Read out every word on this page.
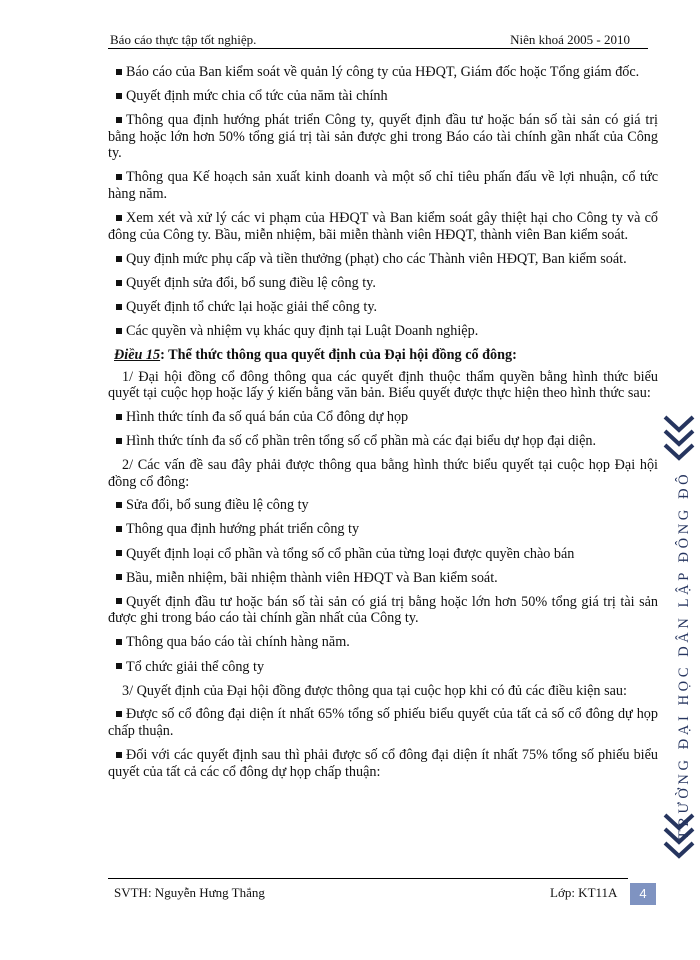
Báo cáo thực tập tốt nghiệp.	Niên khoá 2005 - 2010
Báo cáo của Ban kiểm soát về quản lý công ty của HĐQT, Giám đốc hoặc Tổng giám đốc.
Quyết định mức chia cổ tức của năm tài chính
Thông qua định hướng phát triển Công ty, quyết định đầu tư hoặc bán số tài sản có giá trị bằng hoặc lớn hơn 50% tổng giá trị tài sản được ghi trong Báo cáo tài chính gần nhất của Công ty.
Thông qua Kế hoạch sản xuất kinh doanh và một số chỉ tiêu phấn đấu về lợi nhuận, cổ tức hàng năm.
Xem xét và xử lý các vi phạm của HĐQT và Ban kiểm soát gây thiệt hại cho Công ty và cổ đông của Công ty. Bầu, miễn nhiệm, bãi miễn thành viên HĐQT, thành viên Ban kiểm soát.
Quy định mức phụ cấp và tiền thưởng (phạt) cho các Thành viên HĐQT, Ban kiểm soát.
Quyết định sửa đổi, bổ sung điều lệ công ty.
Quyết định tổ chức lại hoặc giải thể công ty.
Các quyền và nhiệm vụ khác quy định tại Luật Doanh nghiệp.
Điều 15: Thể thức thông qua quyết định của Đại hội đồng cổ đông:
1/ Đại hội đồng cổ đông thông qua các quyết định thuộc thẩm quyền bằng hình thức biểu quyết tại cuộc họp hoặc lấy ý kiến bằng văn bản. Biểu quyết được thực hiện theo hình thức sau:
Hình thức tính đa số quá bán của Cổ đông dự họp
Hình thức tính đa số cổ phần trên tổng số cổ phần mà các đại biểu dự họp đại diện.
2/ Các vấn đề sau đây phải được thông qua bằng hình thức biểu quyết tại cuộc họp Đại hội đồng cổ đông:
Sửa đổi, bổ sung điều lệ công ty
Thông qua định hướng phát triển công ty
Quyết định loại cổ phần và tổng số cổ phần của từng loại được quyền chào bán
Bầu, miễn nhiệm, bãi nhiệm thành viên HĐQT và Ban kiểm soát.
Quyết định đầu tư hoặc bán số tài sản có giá trị bằng hoặc lớn hơn 50% tổng giá trị tài sản được ghi trong báo cáo tài chính gần nhất của Công ty.
Thông qua báo cáo tài chính hàng năm.
Tổ chức giải thể công ty
3/ Quyết định của Đại hội đồng được thông qua tại cuộc họp khi có đủ các điều kiện sau:
Được số cổ đông đại diện ít nhất 65% tổng số phiếu biểu quyết của tất cả số cổ đông dự họp chấp thuận.
Đối với các quyết định sau thì phải được số cổ đông đại diện ít nhất 75% tổng số phiếu biểu quyết của tất cả các cổ đông dự họp chấp thuận:	TRƯỜNG ĐẠI HỌC DÂN LẬP ĐÔNG ĐÔ
SVTH: Nguyễn Hưng Thắng	Lớp: KT11A	4
